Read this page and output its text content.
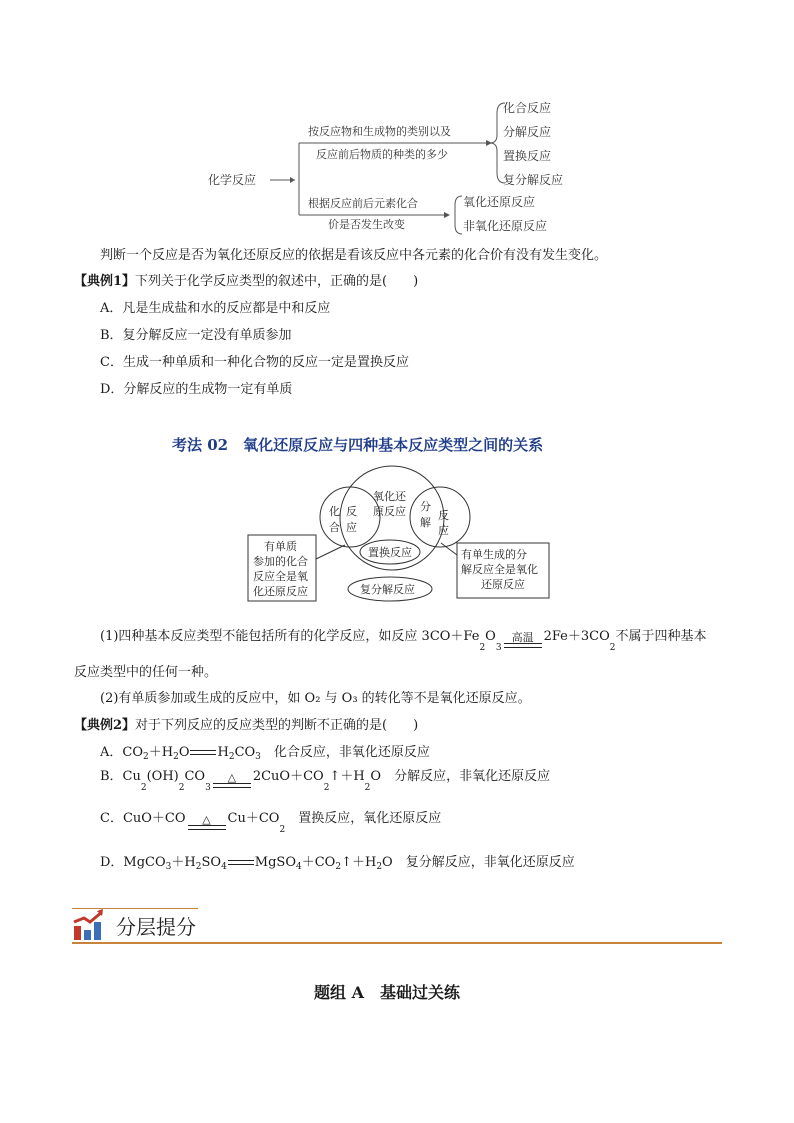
化学反应
按反应物和生成物的类别以及
反应前后物质的种类的多少
根据反应前后元素化合
价是否发生改变
化合反应
分解反应
置换反应
复分解反应
氧化还原反应
非氧化还原反应
判断一个反应是否为氧化还原反应的依据是看该反应中各元素的化合价有没有发生变化。
【典例1】下列关于化学反应类型的叙述中，正确的是(　　)
A．凡是生成盐和水的反应都是中和反应
B．复分解反应一定没有单质参加
C．生成一种单质和一种化合物的反应一定是置换反应
D．分解反应的生成物一定有单质
考法 02　氧化还原反应与四种基本反应类型之间的关系
氧化还
原反应
化
合
反
应
分
解
反
应
置换反应
复分解反应
有单质
参加的化合
反应全是氧
化还原反应
有单生成的分
解反应全是氧化
还原反应
(1)四种基本反应类型不能包括所有的化学反应，如反应 3CO＋Fe
2
O
3
高温 2Fe＋3CO
2
不属于四种基本
反应类型中的任何一种。
(2)有单质参加或生成的反应中，如 O₂ 与 O₃ 的转化等不是氧化还原反应。
【典例2】对于下列反应的反应类型的判断不正确的是(　　)
A．$CO_2+H_2O$ $H_2CO_3$　 化合反应，非氧化还原反应
B．Cu
2
(OH)
2
CO
3
△ 2CuO＋CO
2
↑＋H
2
O　 分解反应，非氧化还原反应
C．CuO＋CO △ Cu＋CO
2

置换反应，氧化还原反应
D．$MgCO_3+H_2SO_4$ $MgSO_4+CO_2↑+H_2O$　复分解反应，非氧化还原反应
分层提分
题组 A　基础过关练
